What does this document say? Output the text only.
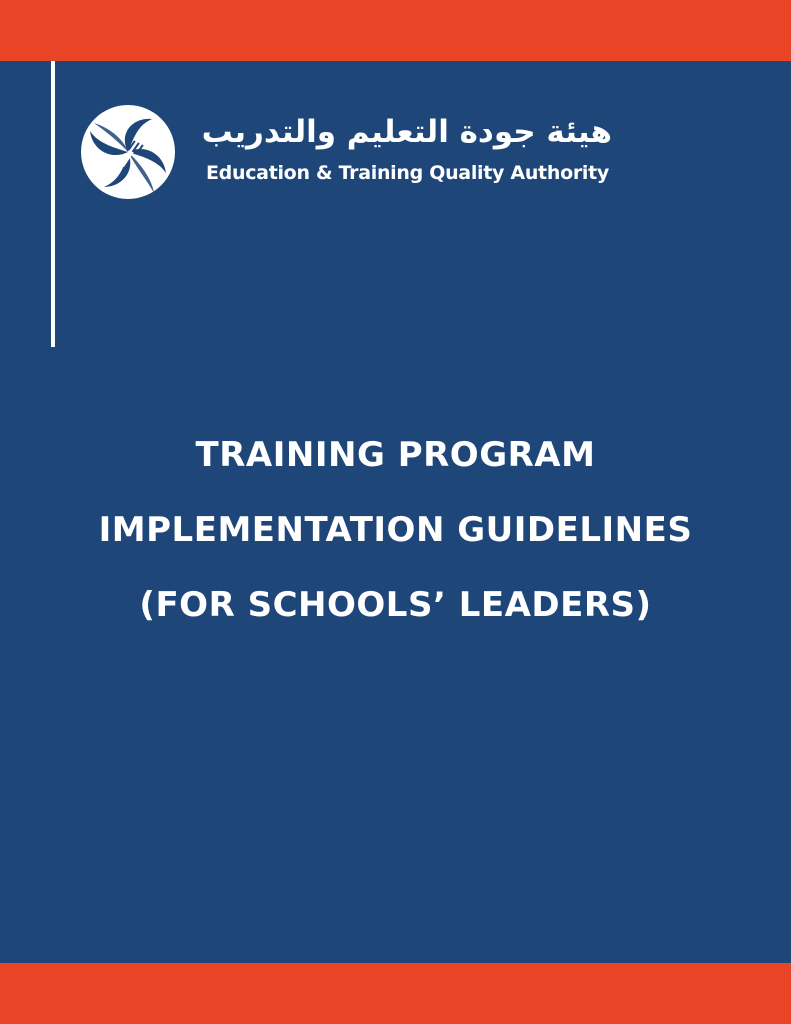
هيئة جودة التعليم والتدريب
Education & Training Quality Authority
TRAINING PROGRAM
IMPLEMENTATION GUIDELINES
(FOR SCHOOLS’ LEADERS)
